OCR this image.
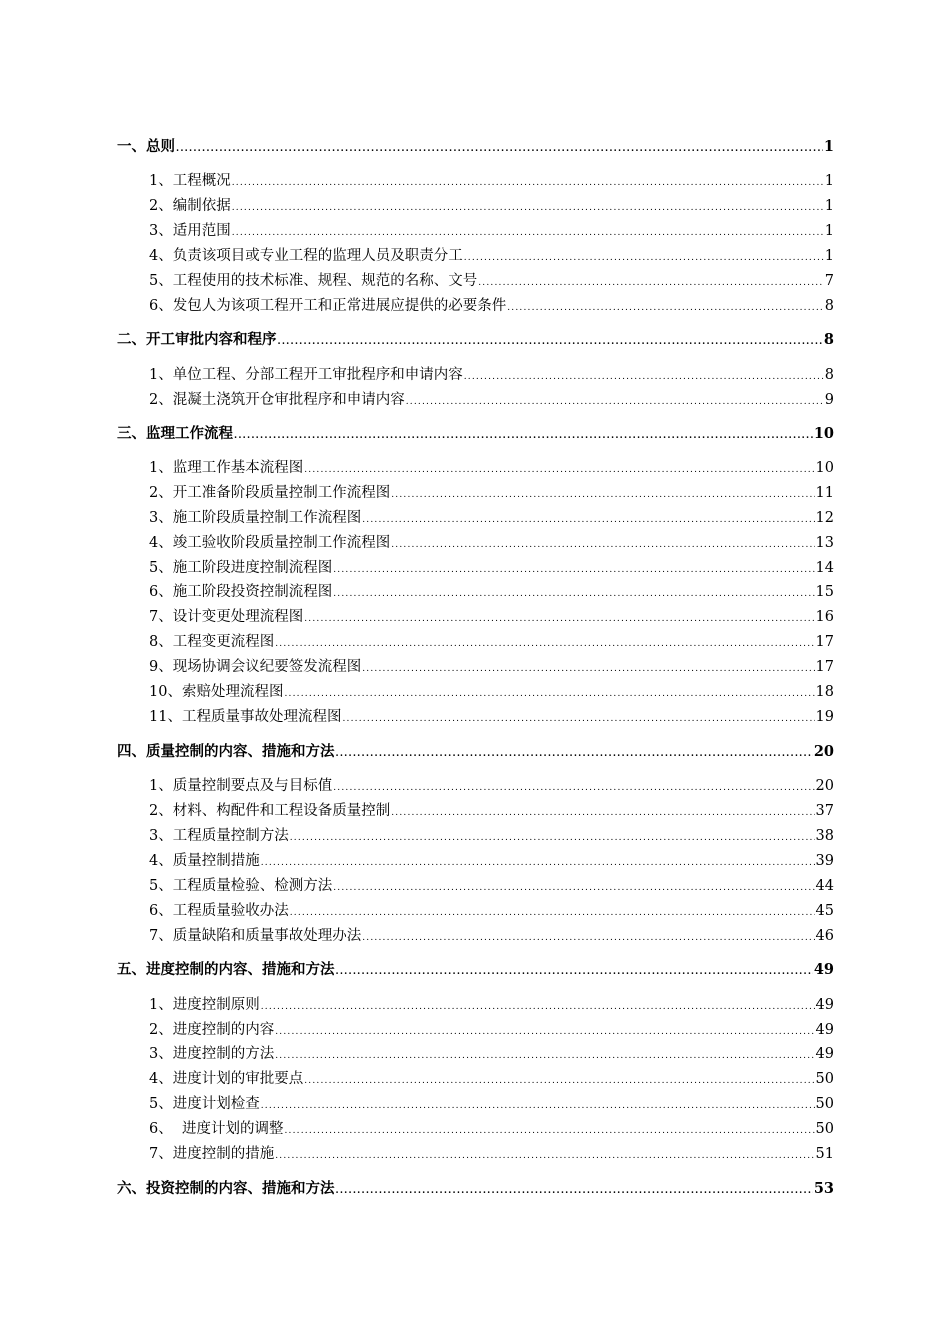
一、总则 .....	1
1、工程概况 .....	1
2、编制依据 .....	1
3、适用范围 .....	1
4、负责该项目或专业工程的监理人员及职责分工 .....	1
5、工程使用的技术标准、规程、规范的名称、文号 .....	7
6、发包人为该项工程开工和正常进展应提供的必要条件 .....	8
二、开工审批内容和程序 .....	8
1、单位工程、分部工程开工审批程序和申请内容 .....	8
2、混凝土浇筑开仓审批程序和申请内容 .....	9
三、监理工作流程 .....	10
1、监理工作基本流程图 .....	10
2、开工准备阶段质量控制工作流程图 .....	11
3、施工阶段质量控制工作流程图 .....	12
4、竣工验收阶段质量控制工作流程图 .....	13
5、施工阶段进度控制流程图 .....	14
6、施工阶段投资控制流程图 .....	15
7、设计变更处理流程图 .....	16
8、工程变更流程图 .....	17
9、现场协调会议纪要签发流程图 .....	17
10、索赔处理流程图 .....	18
11、工程质量事故处理流程图 .....	19
四、质量控制的内容、措施和方法 .....	20
1、质量控制要点及与目标值 .....	20
2、材料、构配件和工程设备质量控制 .....	37
3、工程质量控制方法 .....	38
4、质量控制措施 .....	39
5、工程质量检验、检测方法 .....	44
6、工程质量验收办法 .....	45
7、质量缺陷和质量事故处理办法 .....	46
五、进度控制的内容、措施和方法 .....	49
1、进度控制原则 .....	49
2、进度控制的内容 .....	49
3、进度控制的方法 .....	49
4、进度计划的审批要点 .....	50
5、进度计划检查 .....	50
6、  进度计划的调整 .....	50
7、进度控制的措施 .....	51
六、投资控制的内容、措施和方法 .....	53
